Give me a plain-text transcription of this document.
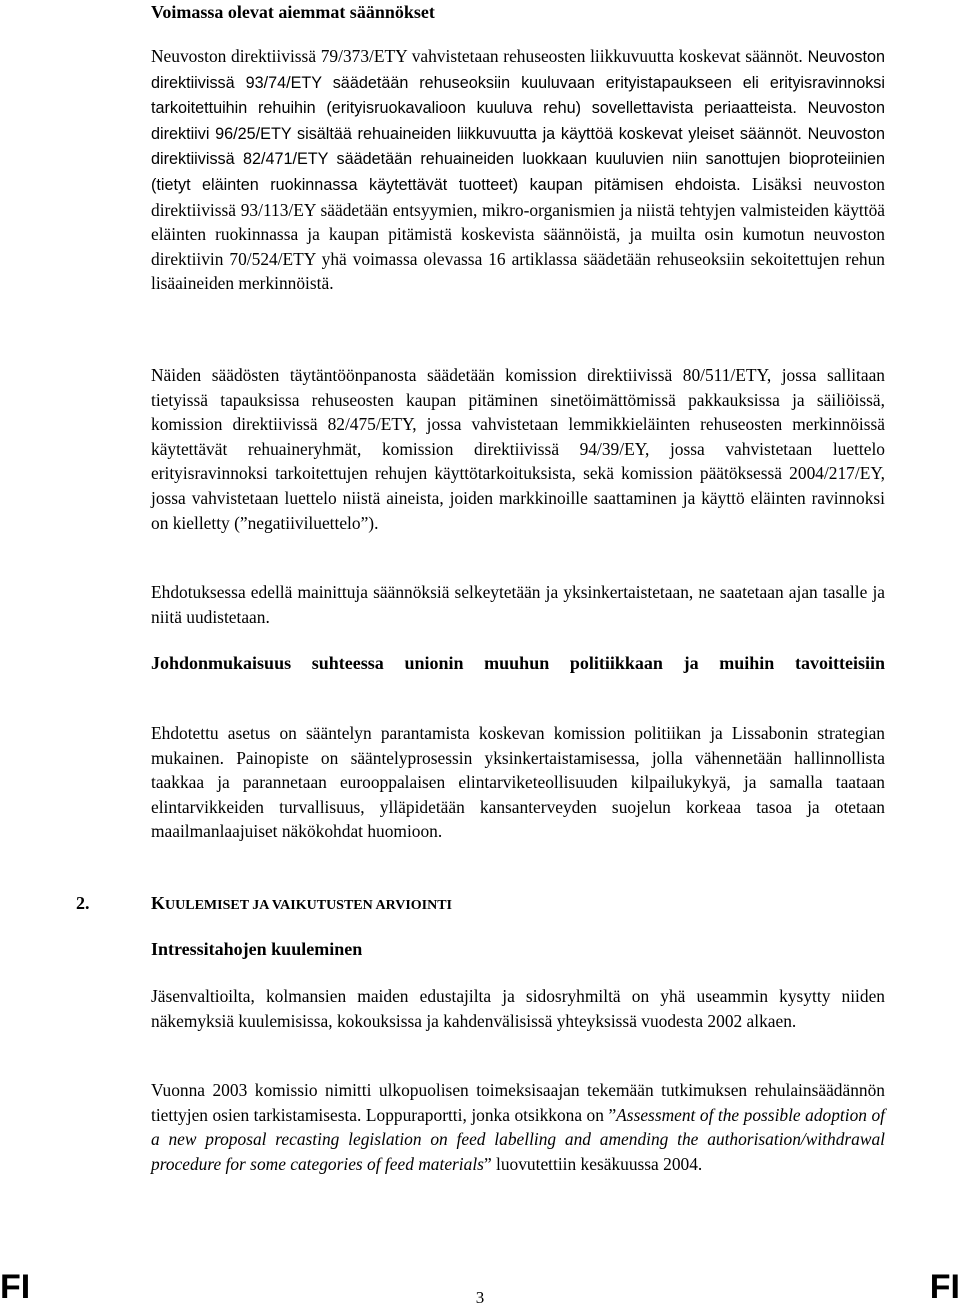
Voimassa olevat aiemmat säännökset

Neuvoston direktiivissä 79/373/ETY vahvistetaan rehuseosten liikkuvuutta koskevat säännöt. Neuvoston direktiivissä 93/74/ETY säädetään rehuseoksiin kuuluvaan erityistapaukseen eli erityisravinnoksi tarkoitettuihin rehuihin (erityisruokavalioon kuuluva rehu) sovellettavista periaatteista. Neuvoston direktiivi 96/25/ETY sisältää rehuaineiden liikkuvuutta ja käyttöä koskevat yleiset säännöt. Neuvoston direktiivissä 82/471/ETY säädetään rehuaineiden luokkaan kuuluvien niin sanottujen bioproteiinien (tietyt eläinten ruokinnassa käytettävät tuotteet) kaupan pitämisen ehdoista. Lisäksi neuvoston direktiivissä 93/113/EY säädetään entsyymien, mikro-organismien ja niistä tehtyjen valmisteiden käyttöä eläinten ruokinnassa ja kaupan pitämistä koskevista säännöistä, ja muilta osin kumotun neuvoston direktiivin 70/524/ETY yhä voimassa olevassa 16 artiklassa säädetään rehuseoksiin sekoitettujen rehun lisäaineiden merkinnöistä.

Näiden säädösten täytäntöönpanosta säädetään komission direktiivissä 80/511/ETY, jossa sallitaan tietyissä tapauksissa rehuseosten kaupan pitäminen sinetöimättömissä pakkauksissa ja säiliöissä, komission direktiivissä 82/475/ETY, jossa vahvistetaan lemmikkieläinten rehuseosten merkinnöissä käytettävät rehuaineryhmät, komission direktiivissä 94/39/EY, jossa vahvistetaan luettelo erityisravinnoksi tarkoitettujen rehujen käyttötarkoituksista, sekä komission päätöksessä 2004/217/EY, jossa vahvistetaan luettelo niistä aineista, joiden markkinoille saattaminen ja käyttö eläinten ravinnoksi on kielletty (”negatiiviluettelo”).

Ehdotuksessa edellä mainittuja säännöksiä selkeytetään ja yksinkertaistetaan, ne saatetaan ajan tasalle ja niitä uudistetaan.

Johdonmukaisuus suhteessa unionin muuhun politiikkaan ja muihin tavoitteisiin

Ehdotettu asetus on sääntelyn parantamista koskevan komission politiikan ja Lissabonin strategian mukainen. Painopiste on sääntelyprosessin yksinkertaistamisessa, jolla vähennetään hallinnollista taakkaa ja parannetaan eurooppalaisen elintarviketeollisuuden kilpailukykyä, ja samalla taataan elintarvikkeiden turvallisuus, ylläpidetään kansanterveyden suojelun korkeaa tasoa ja otetaan maailmanlaajuiset näkökohdat huomioon.

Intressitahojen kuuleminen

Jäsenvaltioilta, kolmansien maiden edustajilta ja sidosryhmiltä on yhä useammin kysytty niiden näkemyksiä kuulemisissa, kokouksissa ja kahdenvälisissä yhteyksissä vuodesta 2002 alkaen.

Vuonna 2003 komissio nimitti ulkopuolisen toimeksisaajan tekemään tutkimuksen rehulainsäädännön tiettyjen osien tarkistamisesta. Loppuraportti, jonka otsikkona on ”Assessment of the possible adoption of a new proposal recasting legislation on feed labelling and amending the authorisation/withdrawal procedure for some categories of feed materials” luovutettiin kesäkuussa 2004.

2.	KUULEMISET JA VAIKUTUSTEN ARVIOINTI
FI	FI
3
